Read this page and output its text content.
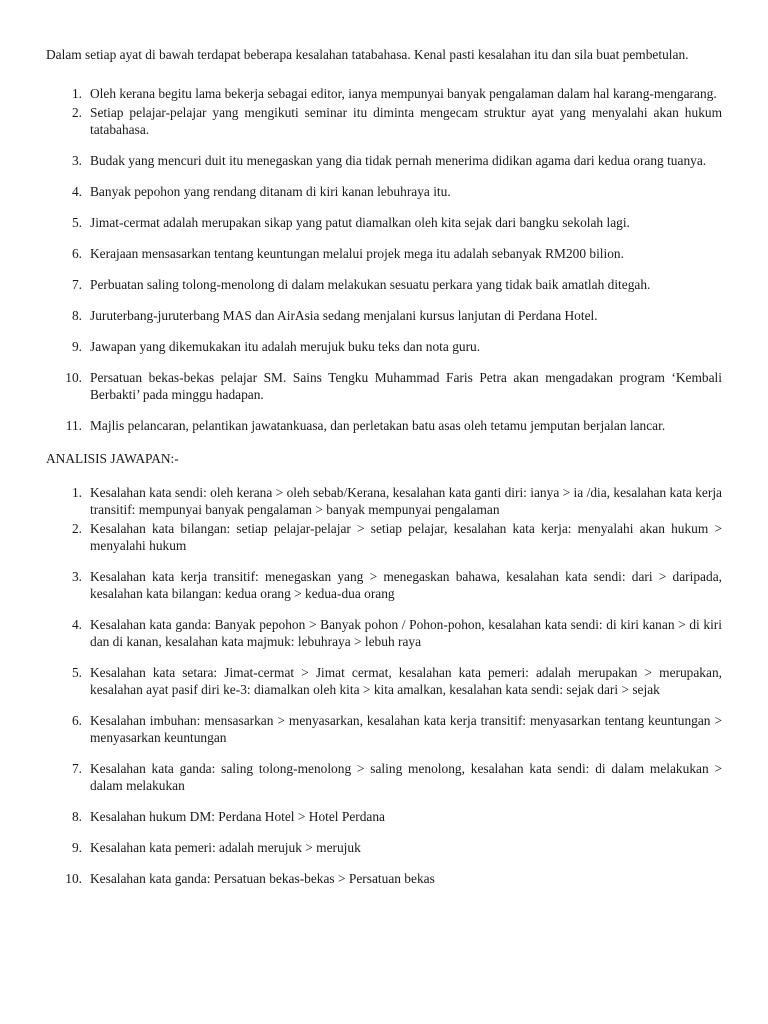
Dalam setiap ayat di bawah terdapat beberapa kesalahan tatabahasa. Kenal pasti kesalahan itu dan sila buat pembetulan.

1. Oleh kerana begitu lama bekerja sebagai editor, ianya mempunyai banyak pengalaman dalam hal karang-mengarang.
2. Setiap pelajar-pelajar yang mengikuti seminar itu diminta mengecam struktur ayat yang menyalahi akan hukum tatabahasa.
3. Budak yang mencuri duit itu menegaskan yang dia tidak pernah menerima didikan agama dari kedua orang tuanya.
4. Banyak pepohon yang rendang ditanam di kiri kanan lebuhraya itu.
5. Jimat-cermat adalah merupakan sikap yang patut diamalkan oleh kita sejak dari bangku sekolah lagi.
6. Kerajaan mensasarkan tentang keuntungan melalui projek mega itu adalah sebanyak RM200 bilion.
7. Perbuatan saling tolong-menolong di dalam melakukan sesuatu perkara yang tidak baik amatlah ditegah.
8. Juruterbang-juruterbang MAS dan AirAsia sedang menjalani kursus lanjutan di Perdana Hotel.
9. Jawapan yang dikemukakan itu adalah merujuk buku teks dan nota guru.
10. Persatuan bekas-bekas pelajar SM. Sains Tengku Muhammad Faris Petra akan mengadakan program ‘Kembali Berbakti’ pada minggu hadapan.
11. Majlis pelancaran, pelantikan jawatankuasa, dan perletakan batu asas oleh tetamu jemputan berjalan lancar.

ANALISIS JAWAPAN:-

1. Kesalahan kata sendi: oleh kerana > oleh sebab/Kerana, kesalahan kata ganti diri: ianya > ia /dia, kesalahan kata kerja transitif: mempunyai banyak pengalaman > banyak mempunyai pengalaman
2. Kesalahan kata bilangan: setiap pelajar-pelajar > setiap pelajar, kesalahan kata kerja: menyalahi akan hukum > menyalahi hukum
3. Kesalahan kata kerja transitif: menegaskan yang > menegaskan bahawa, kesalahan kata sendi: dari > daripada, kesalahan kata bilangan: kedua orang > kedua-dua orang
4. Kesalahan kata ganda: Banyak pepohon > Banyak pohon / Pohon-pohon, kesalahan kata sendi: di kiri kanan > di kiri dan di kanan, kesalahan kata majmuk: lebuhraya > lebuh raya
5. Kesalahan kata setara: Jimat-cermat > Jimat cermat, kesalahan kata pemeri: adalah merupakan > merupakan, kesalahan ayat pasif diri ke-3: diamalkan oleh kita > kita amalkan, kesalahan kata sendi: sejak dari > sejak
6. Kesalahan imbuhan: mensasarkan > menyasarkan, kesalahan kata kerja transitif: menyasarkan tentang keuntungan > menyasarkan keuntungan
7. Kesalahan kata ganda: saling tolong-menolong > saling menolong, kesalahan kata sendi: di dalam melakukan > dalam melakukan
8. Kesalahan hukum DM: Perdana Hotel > Hotel Perdana
9. Kesalahan kata pemeri: adalah merujuk > merujuk
10. Kesalahan kata ganda: Persatuan bekas-bekas > Persatuan bekas
